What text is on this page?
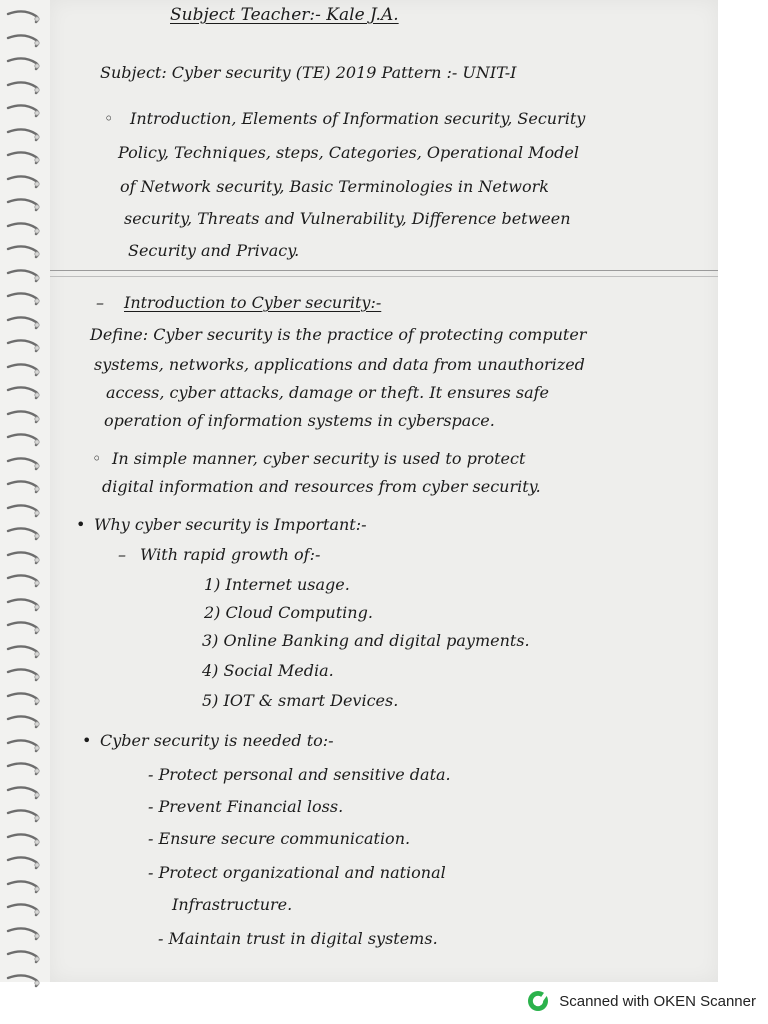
Subject Teacher:- Kale J.A.
Subject: Cyber security (TE) 2019 Pattern :- UNIT-I
◦ Introduction, Elements of Information security, Security
Policy, Techniques, steps, Categories, Operational Model
of Network security, Basic Terminologies in Network
security, Threats and Vulnerability, Difference between
Security and Privacy.
– Introduction to Cyber security:-
Define: Cyber security is the practice of protecting computer
systems, networks, applications and data from unauthorized
access, cyber attacks, damage or theft. It ensures safe
operation of information systems in cyberspace.
◦ In simple manner, cyber security is used to protect
digital information and resources from cyber security.
• Why cyber security is Important:-
– With rapid growth of:-
1) Internet usage.
2) Cloud Computing.
3) Online Banking and digital payments.
4) Social Media.
5) IOT & smart Devices.
• Cyber security is needed to:-
- Protect personal and sensitive data.
- Prevent Financial loss.
- Ensure secure communication.
- Protect organizational and national
Infrastructure.
- Maintain trust in digital systems.
Scanned with OKEN Scanner
